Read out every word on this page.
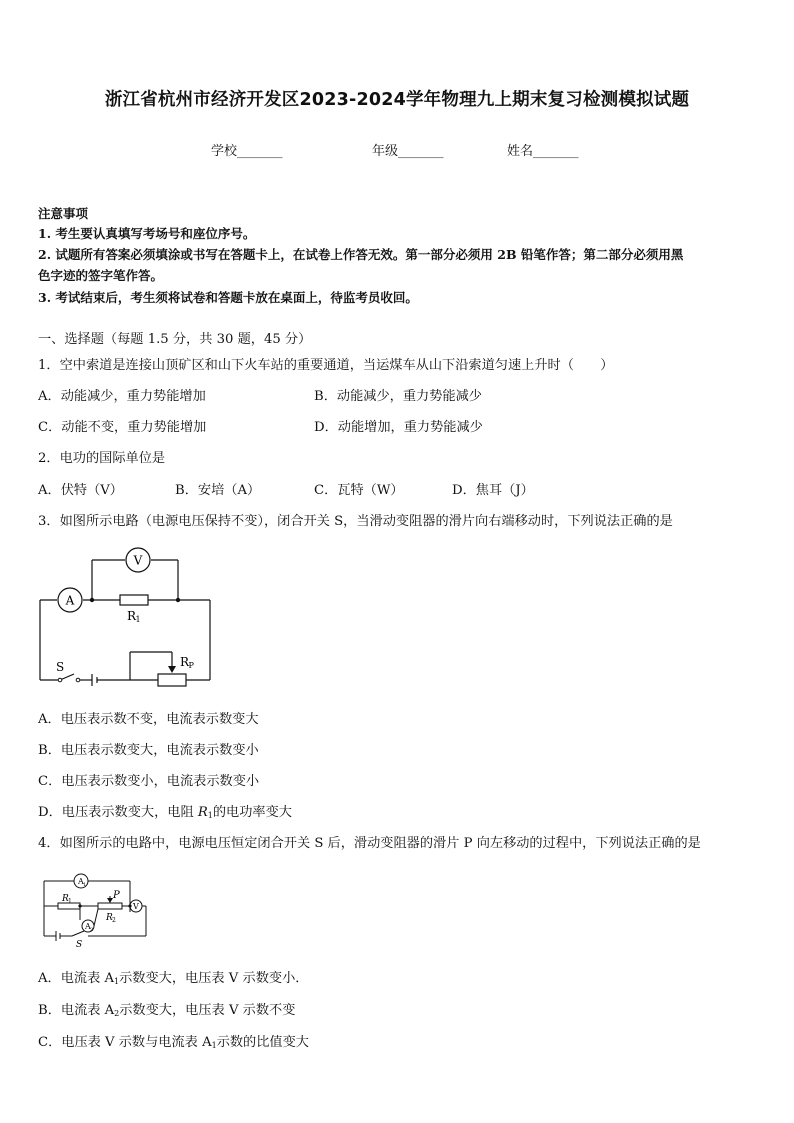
浙江省杭州市经济开发区2023-2024学年物理九上期末复习检测模拟试题
学校_______	年级_______	姓名_______
注意事项
1. 考生要认真填写考场号和座位序号。
2. 试题所有答案必须填涂或书写在答题卡上，在试卷上作答无效。第一部分必须用 2B 铅笔作答；第二部分必须用黑
色字迹的签字笔作答。
3. 考试结束后，考生须将试卷和答题卡放在桌面上，待监考员收回。
一、选择题（每题 1.5 分，共 30 题，45 分）
1．空中索道是连接山顶矿区和山下火车站的重要通道，当运煤车从山下沿索道匀速上升时（　　）
A．动能减少，重力势能增加	B．动能减少，重力势能减少
C．动能不变，重力势能增加	D．动能增加，重力势能减少
2．电功的国际单位是
A．伏特（V）	B．安培（A）	C．瓦特（W）	D．焦耳（J）
3．如图所示电路（电源电压保持不变），闭合开关 S，当滑动变阻器的滑片向右端移动时，下列说法正确的是
V
A
R 1
R P
S
A．电压表示数不变，电流表示数变大
B．电压表示数变大，电流表示数变小
C．电压表示数变小，电流表示数变小
D．电压表示数变大，电阻 $R_1$的电功率变大
4．如图所示的电路中，电源电压恒定闭合开关 S 后，滑动变阻器的滑片 P 向左移动的过程中，下列说法正确的是
A 1
A 2
R 1
R 2
P
V
S
A．电流表 $A_1$示数变大，电压表 V 示数变小．
B．电流表 $A_2$示数变大，电压表 V 示数不变
C．电压表 V 示数与电流表 $A_1$示数的比值变大
